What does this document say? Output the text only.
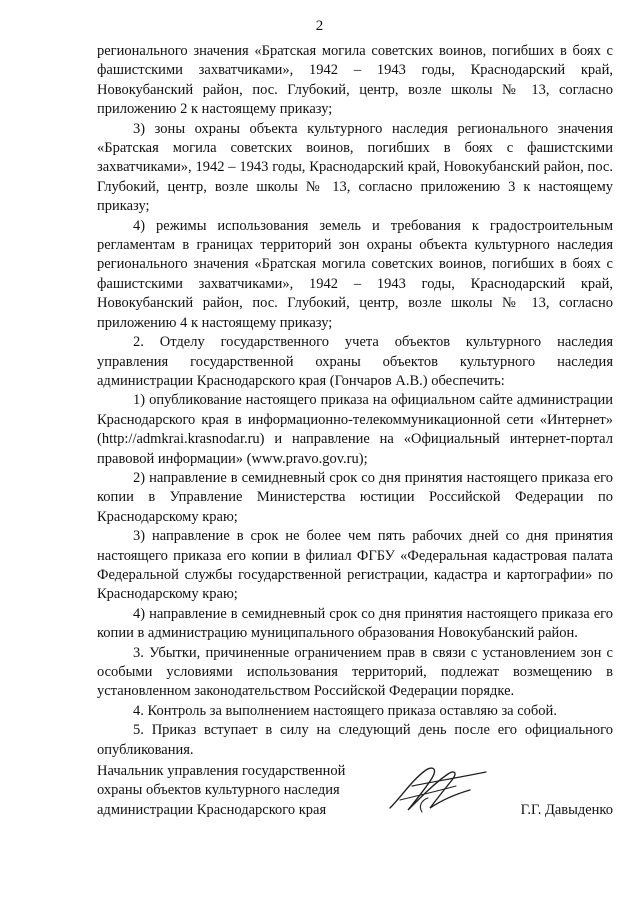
2

регионального значения «Братская могила советских воинов, погибших в боях с фашистскими захватчиками», 1942 – 1943 годы, Краснодарский край, Новокубанский район, пос. Глубокий, центр, возле школы № 13, согласно приложению 2 к настоящему приказу;

3) зоны охраны объекта культурного наследия регионального значения «Братская могила советских воинов, погибших в боях с фашистскими захватчиками», 1942 – 1943 годы, Краснодарский край, Новокубанский район, пос. Глубокий, центр, возле школы № 13, согласно приложению 3 к настоящему приказу;

4) режимы использования земель и требования к градостроительным регламентам в границах территорий зон охраны объекта культурного наследия регионального значения «Братская могила советских воинов, погибших в боях с фашистскими захватчиками», 1942 – 1943 годы, Краснодарский край, Новокубанский район, пос. Глубокий, центр, возле школы № 13, согласно приложению 4 к настоящему приказу;

2. Отделу государственного учета объектов культурного наследия управления государственной охраны объектов культурного наследия администрации Краснодарского края (Гончаров А.В.) обеспечить:

1) опубликование настоящего приказа на официальном сайте администрации Краснодарского края в информационно-телекоммуникационной сети «Интернет» (http://admkrai.krasnodar.ru) и направление на «Официальный интернет-портал правовой информации» (www.pravo.gov.ru);

2) направление в семидневный срок со дня принятия настоящего приказа его копии в Управление Министерства юстиции Российской Федерации по Краснодарскому краю;

3) направление в срок не более чем пять рабочих дней со дня принятия настоящего приказа его копии в филиал ФГБУ «Федеральная кадастровая палата Федеральной службы государственной регистрации, кадастра и картографии» по Краснодарскому краю;

4) направление в семидневный срок со дня принятия настоящего приказа его копии в администрацию муниципального образования Новокубанский район.

3. Убытки, причиненные ограничением прав в связи с установлением зон с особыми условиями использования территорий, подлежат возмещению в установленном законодательством Российской Федерации порядке.

4. Контроль за выполнением настоящего приказа оставляю за собой.

5. Приказ вступает в силу на следующий день после его официального опубликования.

Начальник управления государственной
охраны объектов культурного наследия
администрации Краснодарского края	Г.Г. Давыденко
